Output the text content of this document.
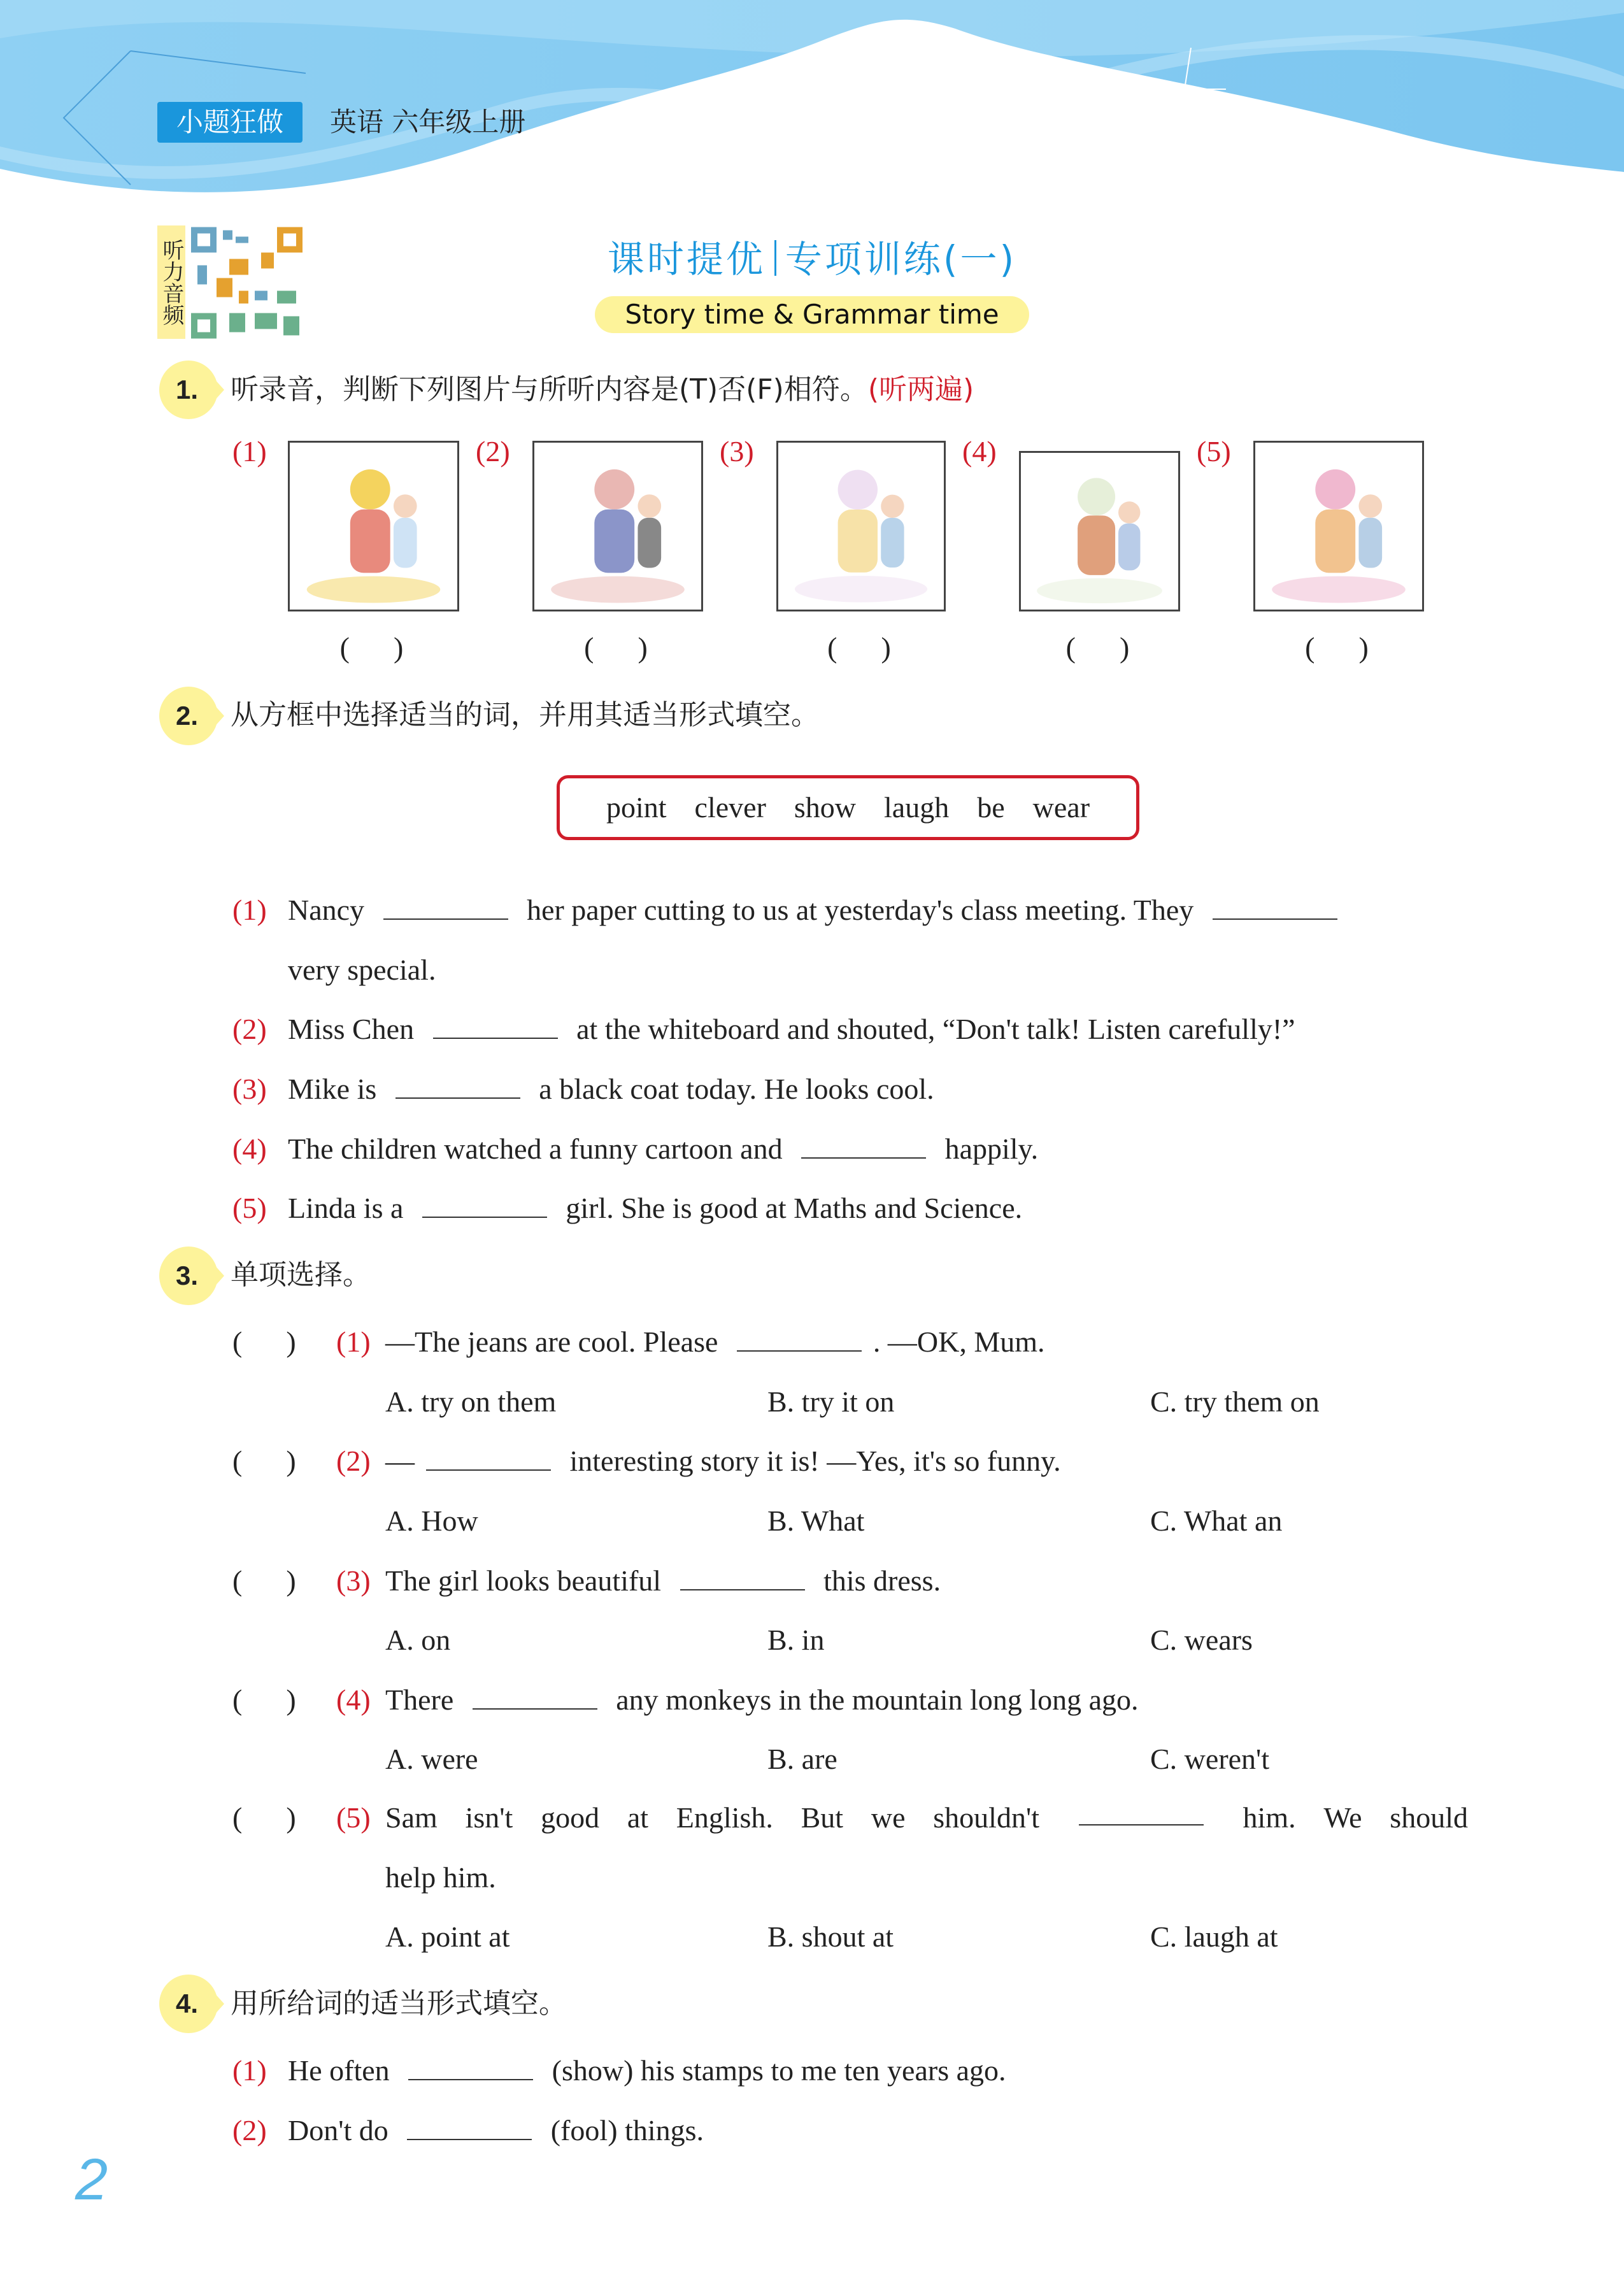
小题狂做	英语 六年级上册
听力音频	课时提优 专项训练(一)
Story time & Grammar time
1.	听录音，判断下列图片与所听内容是(T)否(F)相符。(听两遍)
(1)
(      )
(2)
(      )
(3)
(      )
(4)
(      )
(5)
(      )
2.	从方框中选择适当的词，并用其适当形式填空。
point clever show laugh be wear
(1) Nancy	her paper cutting to us at yesterday's class meeting. They
very special.
(2) Miss Chen	at the whiteboard and shouted, “Don't talk! Listen carefully!”
(3) Mike is	a black coat today. He looks cool.
(4) The children watched a funny cartoon and	happily.
(5) Linda is a	girl. She is good at Maths and Science.
3.	单项选择。
(      ) (1) —The jeans are cool. Please	. —OK, Mum.
A. try on them	B. try it on	C. try them on
(      ) (2) —	interesting story it is! —Yes, it's so funny.
A. How	B. What	C. What an
(      ) (3) The girl looks beautiful	this dress.
A. on	B. in	C. wears
(      ) (4) There	any monkeys in the mountain long long ago.
A. were	B. are	C. weren't
(      ) (5) Sam isn't good at English. But we shouldn't	him. We should
help him.
A. point at	B. shout at	C. laugh at
4.	用所给词的适当形式填空。
(1) He often	(show) his stamps to me ten years ago.
(2) Don't do	(fool) things.
2
